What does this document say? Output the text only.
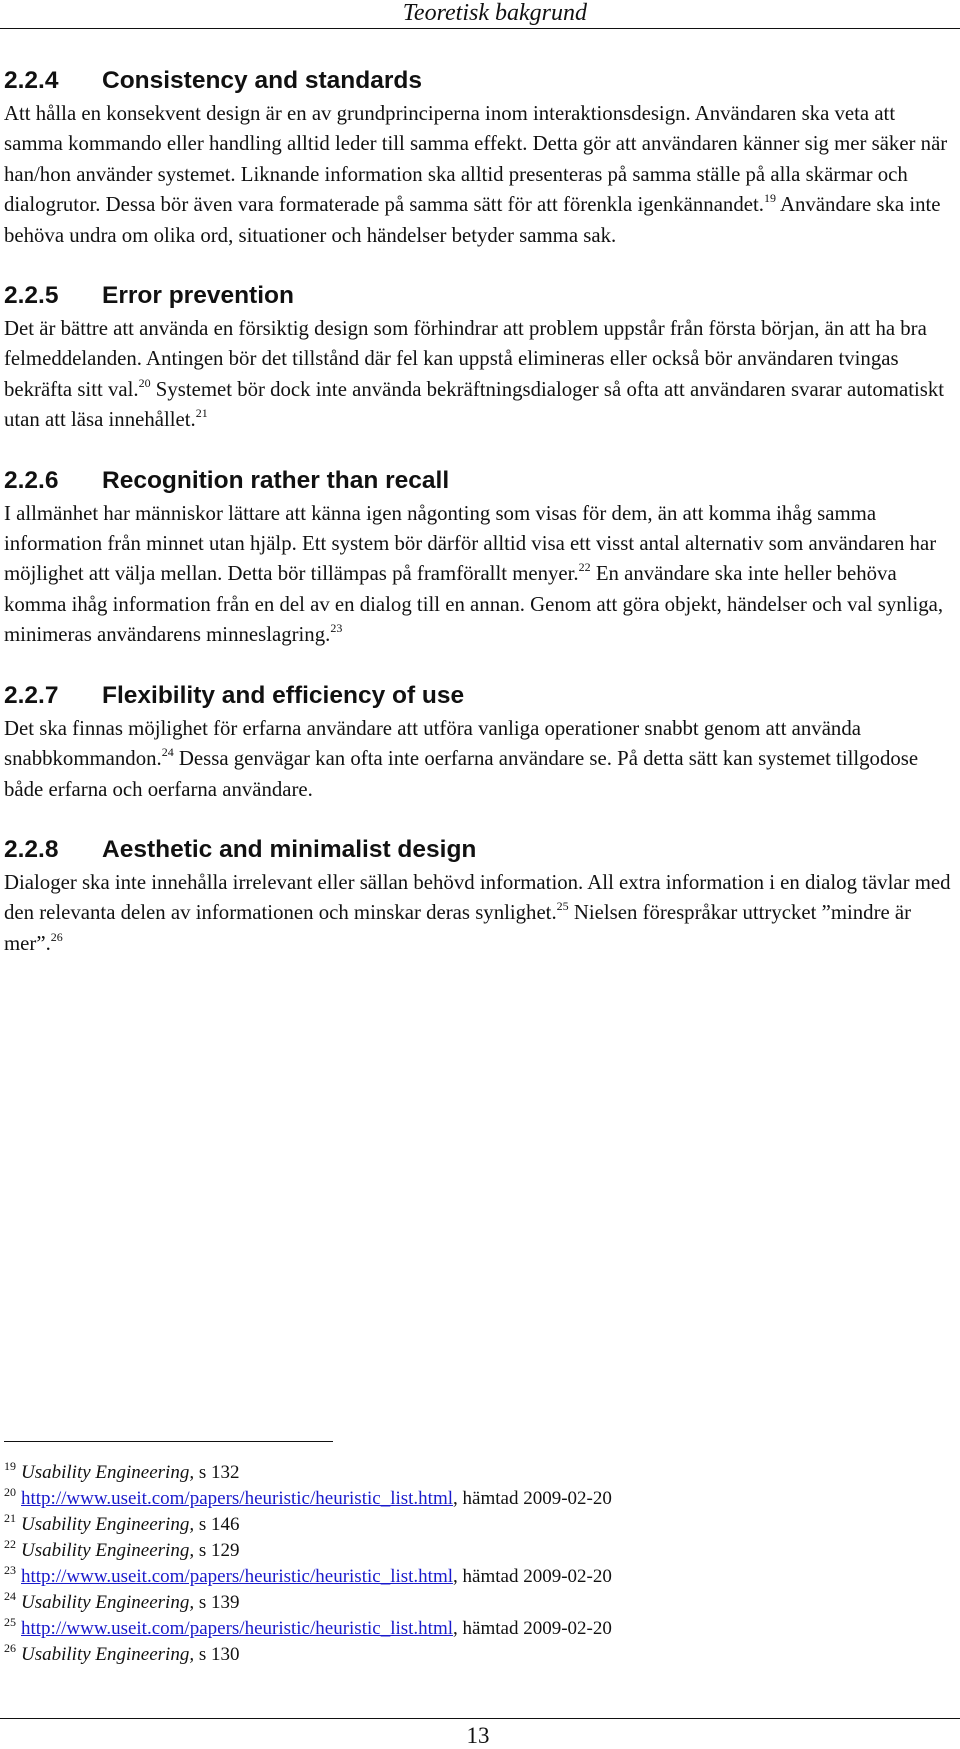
Teoretisk bakgrund
2.2.4 Consistency and standards

Att hålla en konsekvent design är en av grundprinciperna inom interaktionsdesign. Användaren ska veta att samma kommando eller handling alltid leder till samma effekt. Detta gör att användaren känner sig mer säker när han/hon använder systemet. Liknande information ska alltid presenteras på samma ställe på alla skärmar och dialogrutor. Dessa bör även vara formaterade på samma sätt för att förenkla igenkännandet.$^{19}$ Användare ska inte behöva undra om olika ord, situationer och händelser betyder samma sak.

2.2.5 Error prevention

Det är bättre att använda en försiktig design som förhindrar att problem uppstår från första början, än att ha bra felmeddelanden. Antingen bör det tillstånd där fel kan uppstå elimineras eller också bör användaren tvingas bekräfta sitt val.$^{20}$ Systemet bör dock inte använda bekräftningsdialoger så ofta att användaren svarar automatiskt utan att läsa innehållet.$^{21}$

2.2.6 Recognition rather than recall

I allmänhet har människor lättare att känna igen någonting som visas för dem, än att komma ihåg samma information från minnet utan hjälp. Ett system bör därför alltid visa ett visst antal alternativ som användaren har möjlighet att välja mellan. Detta bör tillämpas på framförallt menyer.$^{22}$ En användare ska inte heller behöva komma ihåg information från en del av en dialog till en annan. Genom att göra objekt, händelser och val synliga, minimeras användarens minneslagring.$^{23}$

2.2.7 Flexibility and efficiency of use

Det ska finnas möjlighet för erfarna användare att utföra vanliga operationer snabbt genom att använda snabbkommandon.$^{24}$ Dessa genvägar kan ofta inte oerfarna användare se. På detta sätt kan systemet tillgodose både erfarna och oerfarna användare.

2.2.8 Aesthetic and minimalist design

Dialoger ska inte innehålla irrelevant eller sällan behövd information. All extra information i en dialog tävlar med den relevanta delen av informationen och minskar deras synlighet.$^{25}$ Nielsen förespråkar uttrycket ”mindre är mer”.$^{26}$

$^{19}$ Usability Engineering, s 132
$^{20}$ http://www.useit.com/papers/heuristic/heuristic_list.html, hämtad 2009-02-20
$^{21}$ Usability Engineering, s 146
$^{22}$ Usability Engineering, s 129
$^{23}$ http://www.useit.com/papers/heuristic/heuristic_list.html, hämtad 2009-02-20
$^{24}$ Usability Engineering, s 139
$^{25}$ http://www.useit.com/papers/heuristic/heuristic_list.html, hämtad 2009-02-20
$^{26}$ Usability Engineering, s 130
13
